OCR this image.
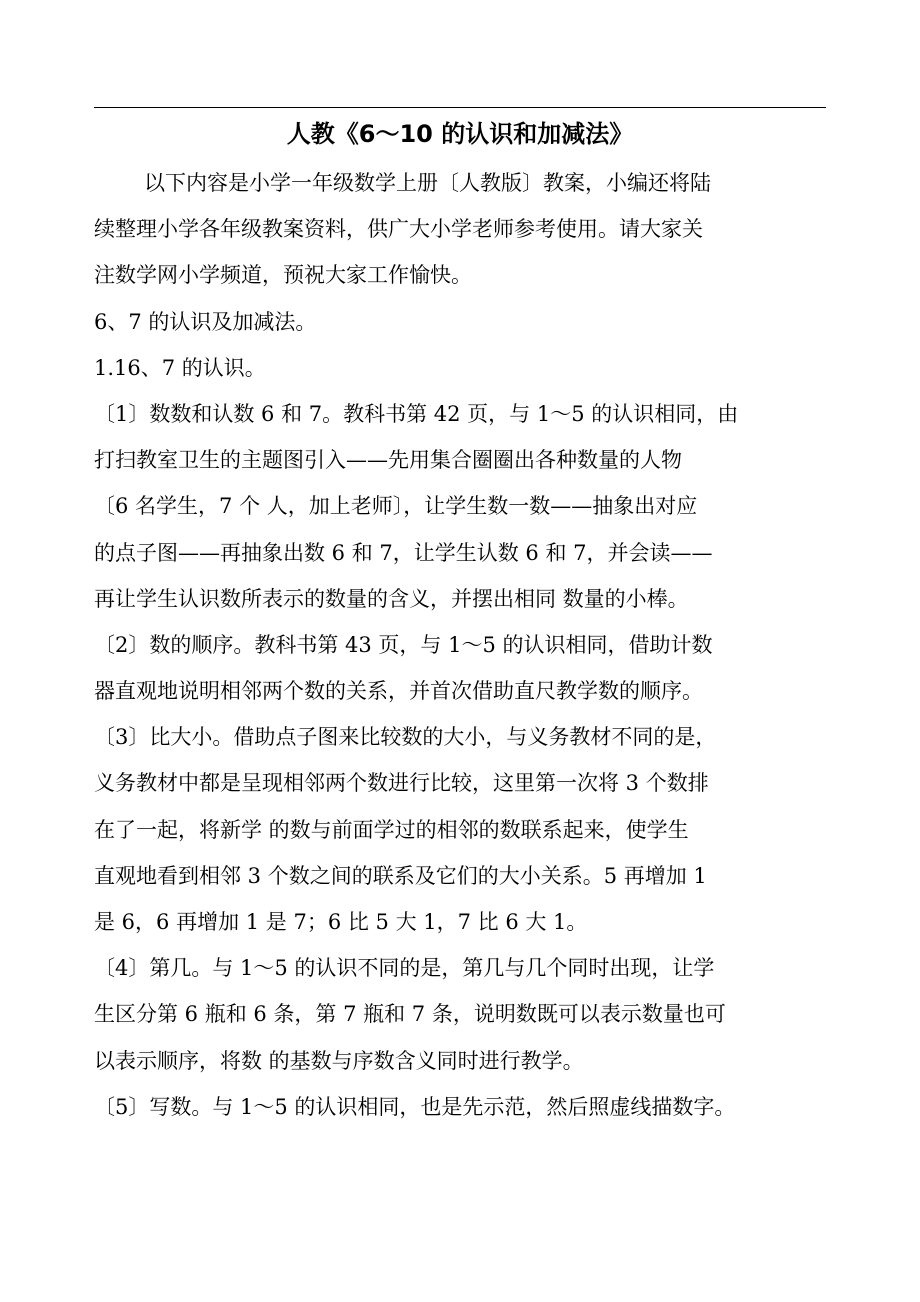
人教《6～10 的认识和加减法》
以下内容是小学一年级数学上册〔人教版〕教案，小编还将陆
续整理小学各年级教案资料，供广大小学老师参考使用。请大家关
注数学网小学频道，预祝大家工作愉快。
6、7 的认识及加减法。
1.16、7 的认识。
〔1〕数数和认数 6 和 7。教科书第 42 页，与 1～5 的认识相同，由
打扫教室卫生的主题图引入——先用集合圈圈出各种数量的人物
〔6 名学生，7 个 人，加上老师〕，让学生数一数——抽象出对应
的点子图——再抽象出数 6 和 7，让学生认数 6 和 7，并会读——
再让学生认识数所表示的数量的含义，并摆出相同 数量的小棒。
〔2〕数的顺序。教科书第 43 页，与 1～5 的认识相同，借助计数
器直观地说明相邻两个数的关系，并首次借助直尺教学数的顺序。
〔3〕比大小。借助点子图来比较数的大小，与义务教材不同的是，
义务教材中都是呈现相邻两个数进行比较，这里第一次将 3 个数排
在了一起，将新学 的数与前面学过的相邻的数联系起来，使学生
直观地看到相邻 3 个数之间的联系及它们的大小关系。5 再增加 1
是 6，6 再增加 1 是 7；6 比 5 大 1，7 比 6 大 1。
〔4〕第几。与 1～5 的认识不同的是，第几与几个同时出现，让学
生区分第 6 瓶和 6 条，第 7 瓶和 7 条，说明数既可以表示数量也可
以表示顺序，将数 的基数与序数含义同时进行教学。
〔5〕写数。与 1～5 的认识相同，也是先示范，然后照虚线描数字。
